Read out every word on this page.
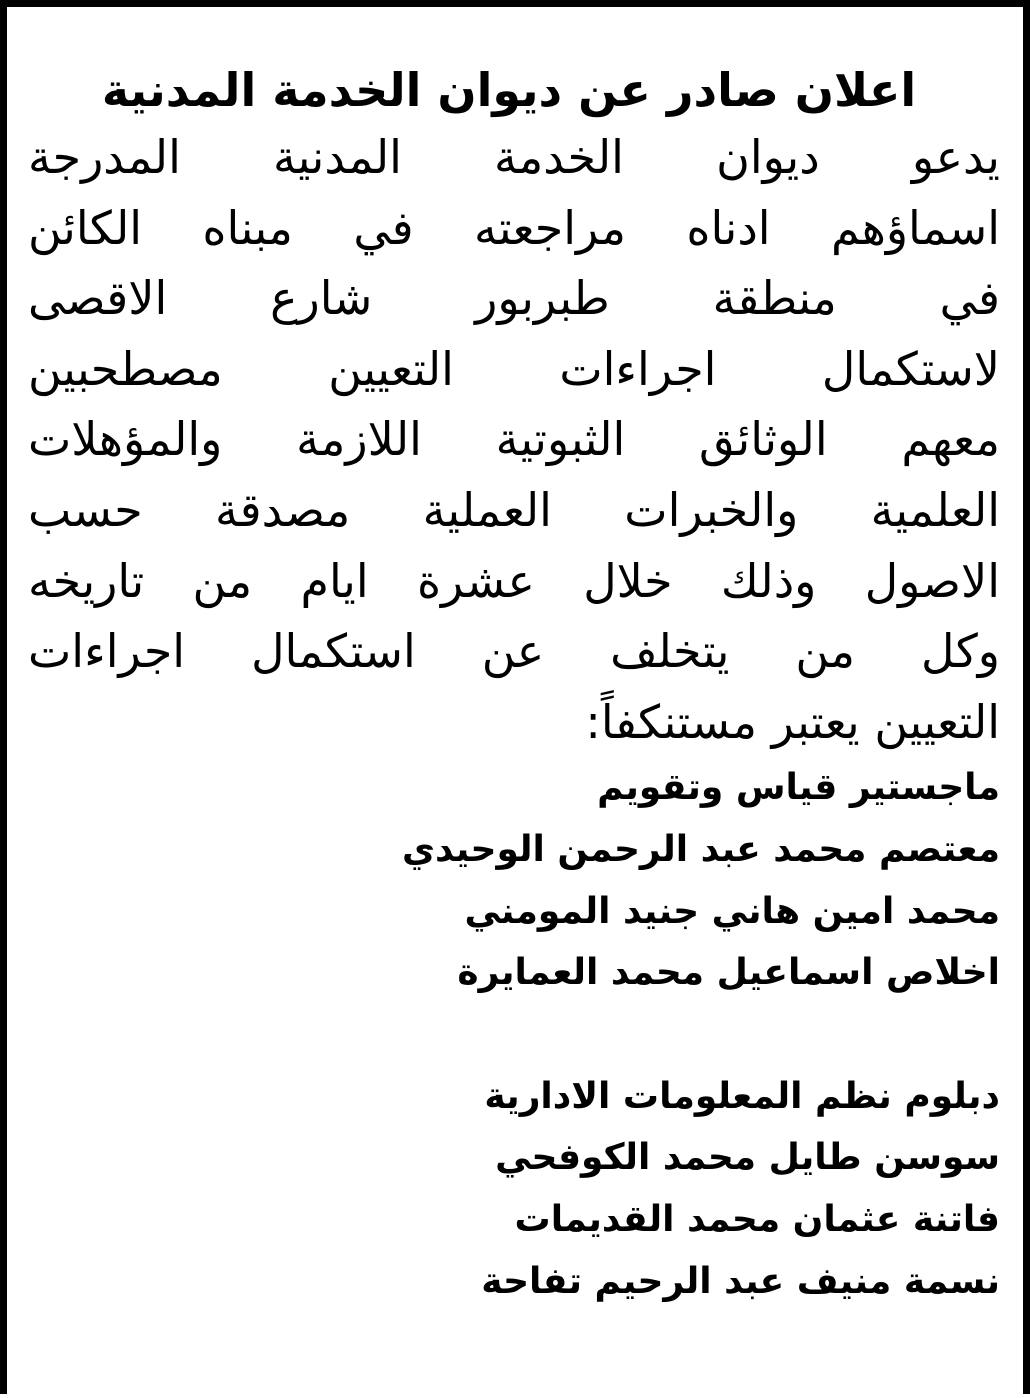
اعلان صادر عن ديوان الخدمة المدنية

يدعو ديوان الخدمة المدنية المدرجة
اسماؤهم ادناه مراجعته في مبناه الكائن
في منطقة طبربور شارع الاقصى
لاستكمال اجراءات التعيين مصطحبين
معهم الوثائق الثبوتية اللازمة والمؤهلات
العلمية والخبرات العملية مصدقة حسب
الاصول وذلك خلال عشرة ايام من تاريخه
وكل من يتخلف عن استكمال اجراءات
التعيين يعتبر مستنكفاً:

ماجستير قياس وتقويم
معتصم محمد عبد الرحمن الوحيدي
محمد امين هاني جنيد المومني
اخلاص اسماعيل محمد العمايرة
دبلوم نظم المعلومات الادارية
سوسن طايل محمد الكوفحي
فاتنة عثمان محمد القديمات
نسمة منيف عبد الرحيم تفاحة
